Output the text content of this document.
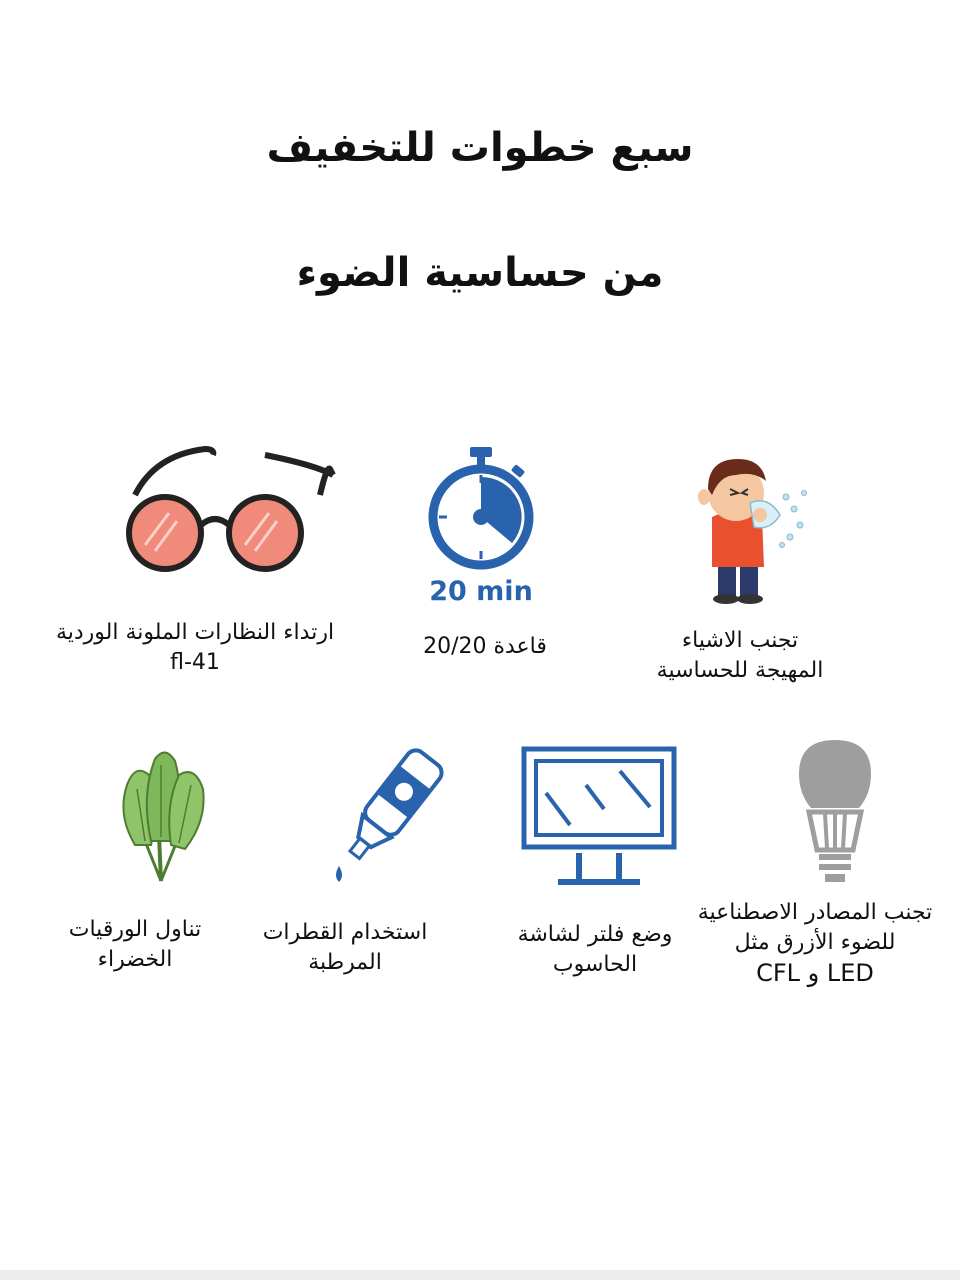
سبع خطوات للتخفيف
من حساسية الضوء
تجنب الاشياء
المهيجة للحساسية
20 min
قاعدة 20/20
ارتداء النظارات الملونة الوردية
fl-41
تجنب المصادر الاصطناعية
للضوء الأزرق مثل
LED و CFL
وضع فلتر لشاشة
الحاسوب
استخدام القطرات
المرطبة
تناول الورقيات
الخضراء
